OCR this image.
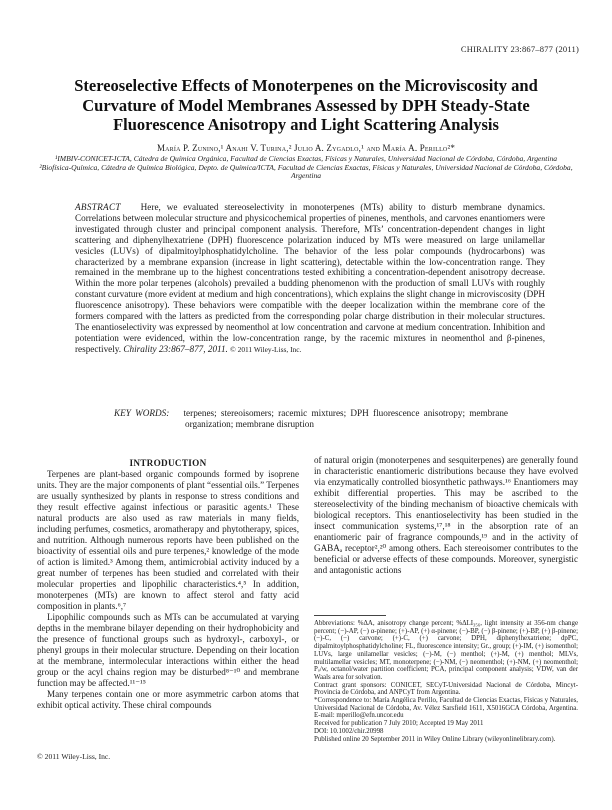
CHIRALITY 23:867–877 (2011)
Stereoselective Effects of Monoterpenes on the Microviscosity and Curvature of Model Membranes Assessed by DPH Steady-State Fluorescence Anisotropy and Light Scattering Analysis
María P. Zunino,¹ Anahi V. Turina,² Julio A. Zygadlo,¹ and María A. Perillo²*

¹IMBIV-CONICET-ICTA, Cátedra de Química Orgánica, Facultad de Ciencias Exactas, Físicas y Naturales, Universidad Nacional de Córdoba, Córdoba, Argentina

²Biofísica-Química, Cátedra de Química Biológica, Depto. de Química/ICTA, Facultad de Ciencias Exactas, Físicas y Naturales, Universidad Nacional de Córdoba, Córdoba, Argentina

ABSTRACT Here, we evaluated stereoselectivity in monoterpenes (MTs) ability to disturb membrane dynamics. Correlations between molecular structure and physicochemical properties of pinenes, menthols, and carvones enantiomers were investigated through cluster and principal component analysis. Therefore, MTs’ concentration-dependent changes in light scattering and diphenylhexatriene (DPH) fluorescence polarization induced by MTs were measured on large unilamellar vesicles (LUVs) of dipalmitoylphosphatidylcholine. The behavior of the less polar compounds (hydrocarbons) was characterized by a membrane expansion (increase in light scattering), detectable within the low-concentration range. They remained in the membrane up to the highest concentrations tested exhibiting a concentration-dependent anisotropy decrease. Within the more polar terpenes (alcohols) prevailed a budding phenomenon with the production of small LUVs with roughly constant curvature (more evident at medium and high concentrations), which explains the slight change in microviscosity (DPH fluorescence anisotropy). These behaviors were compatible with the deeper localization within the membrane core of the formers compared with the latters as predicted from the corresponding polar charge distribution in their molecular structures. The enantioselectivity was expressed by neomenthol at low concentration and carvone at medium concentration. Inhibition and potentiation were evidenced, within the low-concentration range, by the racemic mixtures in neomenthol and β-pinenes, respectively. Chirality 23:867–877, 2011. © 2011 Wiley-Liss, Inc.
KEY WORDS: terpenes; stereoisomers; racemic mixtures; DPH fluorescence anisotropy; membrane organization; membrane disruption

INTRODUCTION

Terpenes are plant-based organic compounds formed by isoprene units. They are the major components of plant “essential oils.” Terpenes are usually synthesized by plants in response to stress conditions and they result effective against infectious or parasitic agents.¹ These natural products are also used as raw materials in many fields, including perfumes, cosmetics, aromatherapy and phytotherapy, spices, and nutrition. Although numerous reports have been published on the bioactivity of essential oils and pure terpenes,² knowledge of the mode of action is limited.³ Among them, antimicrobial activity induced by a great number of terpenes has been studied and correlated with their molecular properties and lipophilic characteristics.⁴,⁵ In addition, monoterpenes (MTs) are known to affect sterol and fatty acid composition in plants.⁶,⁷

Lipophilic compounds such as MTs can be accumulated at varying depths in the membrane bilayer depending on their hydrophobicity and the presence of functional groups such as hydroxyl-, carboxyl-, or phenyl groups in their molecular structure. Depending on their location at the membrane, intermolecular interactions within either the head group or the acyl chains region may be disturbed⁸⁻¹⁰ and membrane function may be affected.¹¹⁻¹⁵

Many terpenes contain one or more asymmetric carbon atoms that exhibit optical activity. These chiral compounds

of natural origin (monoterpenes and sesquiterpenes) are generally found in characteristic enantiomeric distributions because they have evolved via enzymatically controlled biosynthetic pathways.¹⁶ Enantiomers may exhibit differential properties. This may be ascribed to the stereoselectivity of the binding mechanism of bioactive chemicals with biological receptors. This enantioselectivity has been studied in the insect communication systems,¹⁷,¹⁸ in the absorption rate of an enantiomeric pair of fragrance compounds,¹⁹ and in the activity of GABAₐ receptor²,²⁰ among others. Each stereoisomer contributes to the beneficial or adverse effects of these compounds. Moreover, synergistic and antagonistic actions

Abbreviations: %ΔA, anisotropy change percent; %ΔLI₃₅₆, light intensity at 356-nm change percent; (−)-AP, (−) α-pinene; (+)-AP, (+) α-pinene; (−)-BP, (−) β-pinene; (+)-BP, (+) β-pinene; (−)-C, (−) carvone; (+)-C, (+) carvone; DPH, diphenylhexatriene; dpPC, dipalmitoylphosphatidylcholine; FL, fluorescence intensity; Gr., group; (+)-IM, (+) isomenthol; LUVs, large unilamellar vesicles; (−)-M, (−) menthol; (+)-M, (+) menthol; MLVs, multilamellar vesicles; MT, monoterpene; (−)-NM, (−) neomenthol; (+)-NM, (+) neomenthol; Pₒ/w, octanol/water partition coefficient; PCA, principal component analysis; VDW, van der Waals area for solvation.

Contract grant sponsors: CONICET, SECyT-Universidad Nacional de Córdoba, Mincyt-Provincia de Córdoba, and ANPCyT from Argentina.

*Correspondence to: María Angélica Perillo, Facultad de Ciencias Exactas, Físicas y Naturales, Universidad Nacional de Córdoba, Av. Vélez Sarsfield 1611, X5016GCA Córdoba, Argentina. E-mail: mperillo@efn.uncor.edu

Received for publication 7 July 2010; Accepted 19 May 2011

DOI: 10.1002/chir.20998

Published online 20 September 2011 in Wiley Online Library (wileyonlinelibrary.com).

© 2011 Wiley-Liss, Inc.
